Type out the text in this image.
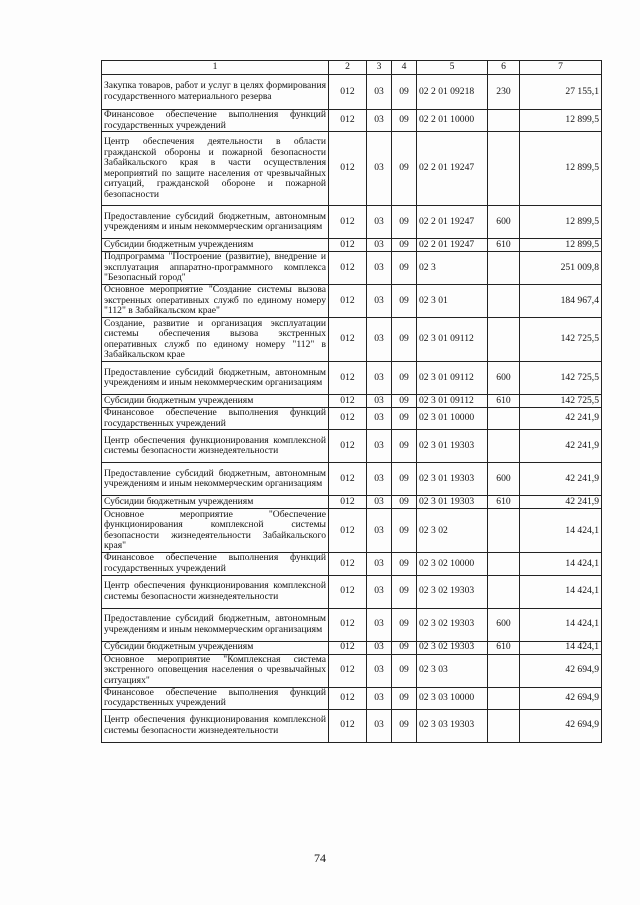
1	2	3	4	5	6	7
Закупка товаров, работ и услуг в целях формирования государственного материального резерва	012	03	09	02 2 01 09218	230	27 155,1
Финансовое обеспечение выполнения функций государственных учреждений	012	03	09	02 2 01 10000		12 899,5
Центр обеспечения деятельности в области гражданской обороны и пожарной безопасности Забайкальского края в части осуществления мероприятий по защите населения от чрезвычайных ситуаций, гражданской обороне и пожарной безопасности	012	03	09	02 2 01 19247		12 899,5
Предоставление субсидий бюджетным, автономным учреждениям и иным некоммерческим организациям	012	03	09	02 2 01 19247	600	12 899,5
Субсидии бюджетным учреждениям	012	03	09	02 2 01 19247	610	12 899,5
Подпрограмма "Построение (развитие), внедрение и эксплуатация аппаратно-программного комплекса "Безопасный город"	012	03	09	02 3		251 009,8
Основное мероприятие "Создание системы вызова экстренных оперативных служб по единому номеру "112" в Забайкальском крае"	012	03	09	02 3 01		184 967,4
Создание, развитие и организация эксплуатации системы обеспечения вызова экстренных оперативных служб по единому номеру "112" в Забайкальском крае	012	03	09	02 3 01 09112		142 725,5
Предоставление субсидий бюджетным, автономным учреждениям и иным некоммерческим организациям	012	03	09	02 3 01 09112	600	142 725,5
Субсидии бюджетным учреждениям	012	03	09	02 3 01 09112	610	142 725,5
Финансовое обеспечение выполнения функций государственных учреждений	012	03	09	02 3 01 10000		42 241,9
Центр обеспечения функционирования комплексной системы безопасности жизнедеятельности	012	03	09	02 3 01 19303		42 241,9
Предоставление субсидий бюджетным, автономным учреждениям и иным некоммерческим организациям	012	03	09	02 3 01 19303	600	42 241,9
Субсидии бюджетным учреждениям	012	03	09	02 3 01 19303	610	42 241,9
Основное мероприятие "Обеспечение функционирования комплексной системы безопасности жизнедеятельности Забайкальского края"	012	03	09	02 3 02		14 424,1
Финансовое обеспечение выполнения функций государственных учреждений	012	03	09	02 3 02 10000		14 424,1
Центр обеспечения функционирования комплексной системы безопасности жизнедеятельности	012	03	09	02 3 02 19303		14 424,1
Предоставление субсидий бюджетным, автономным учреждениям и иным некоммерческим организациям	012	03	09	02 3 02 19303	600	14 424,1
Субсидии бюджетным учреждениям	012	03	09	02 3 02 19303	610	14 424,1
Основное мероприятие "Комплексная система экстренного оповещения населения о чрезвычайных ситуациях"	012	03	09	02 3 03		42 694,9
Финансовое обеспечение выполнения функций государственных учреждений	012	03	09	02 3 03 10000		42 694,9
Центр обеспечения функционирования комплексной системы безопасности жизнедеятельности	012	03	09	02 3 03 19303		42 694,9
74
